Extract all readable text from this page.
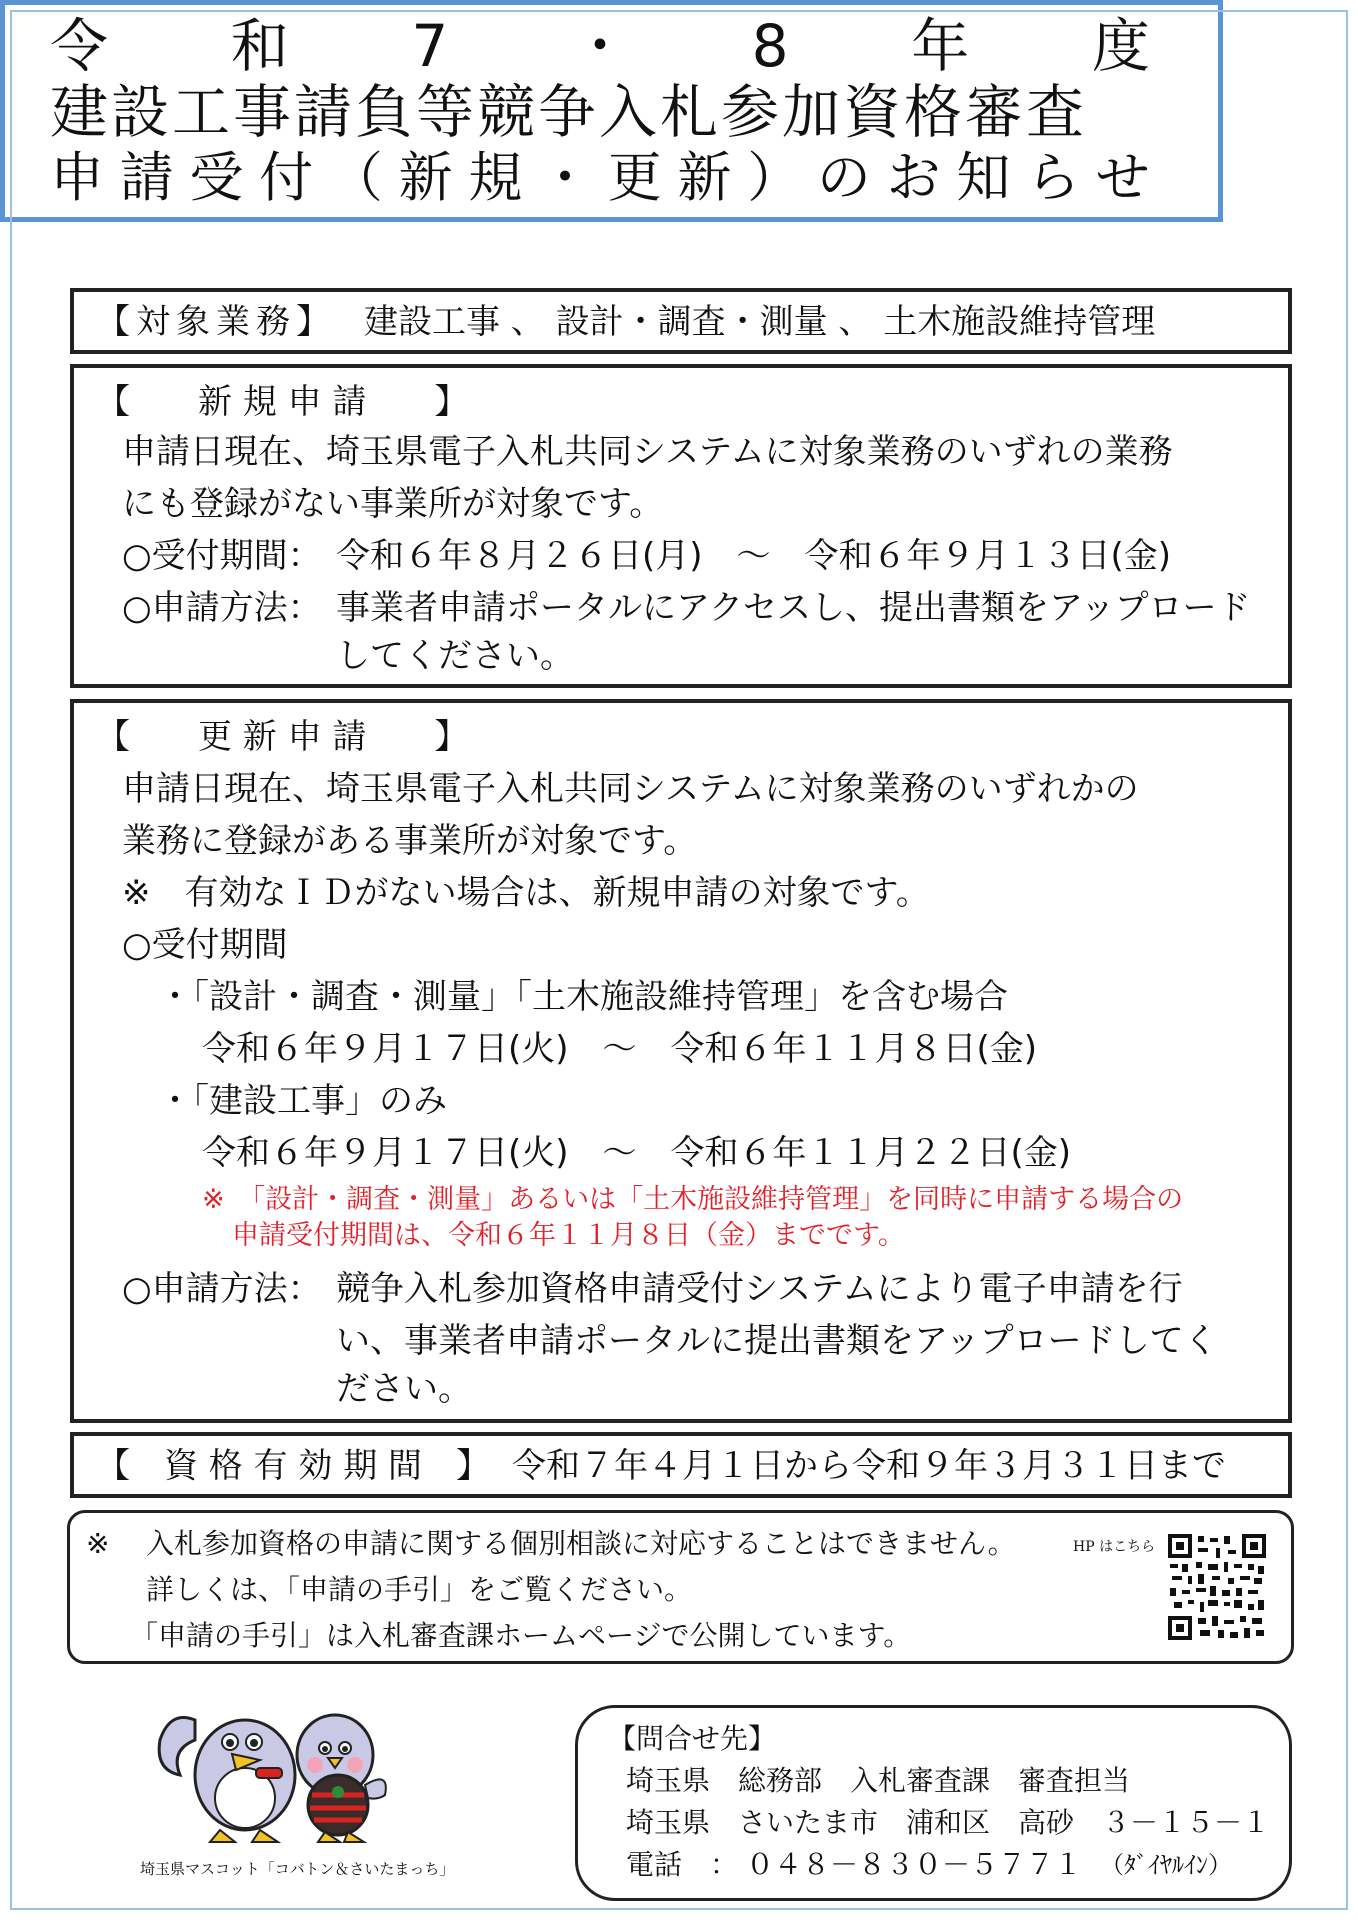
令 和 7 ・ 8 年 度
建設工事請負等競争入札参加資格審査
申 請 受 付 （ 新 規 ・ 更 新 ） の お 知 ら せ
【対象業務】 建設工事 、 設計・調査・測量 、 土木施設維持管理
【　　新 規 申 請　　】
申請日現在、埼玉県電子入札共同システムに対象業務のいずれの業務
にも登録がない事業所が対象です。
○受付期間： 令和６年８月２６日(月)　～　令和６年９月１３日(金)
○申請方法： 事業者申請ポータルにアクセスし、提出書類をアップロード
してください。
【　　更 新 申 請　　】
申請日現在、埼玉県電子入札共同システムに対象業務のいずれかの
業務に登録がある事業所が対象です。
※　有効なＩＤがない場合は、新規申請の対象です。
○受付期間
・「設計・調査・測量」「土木施設維持管理」を含む場合
令和６年９月１７日(火)　～　令和６年１１月８日(金)
・「建設工事」のみ
令和６年９月１７日(火)　～　令和６年１１月２２日(金)
※　「設計・調査・測量」あるいは「土木施設維持管理」を同時に申請する場合の
申請受付期間は、令和６年１１月８日（金）までです。
○申請方法： 競争入札参加資格申請受付システムにより電子申請を行
い、事業者申請ポータルに提出書類をアップロードしてく
ださい。
【　資 格 有 効 期 間　】 令和７年４月１日から令和９年３月３１日まで
※ 入札参加資格の申請に関する個別相談に対応することはできません。
詳しくは、「申請の手引」をご覧ください。
「申請の手引」は入札審査課ホームページで公開しています。
HP はこちら
埼玉県マスコット「コバトン＆さいたまっち」
【問合せ先】
埼玉県　総務部　入札審査課　審査担当
埼玉県　さいたま市　浦和区　高砂　３－１５－１
電話　： ０４８－８３０－５７７１ （ﾀﾞｲﾔﾙｲﾝ）
